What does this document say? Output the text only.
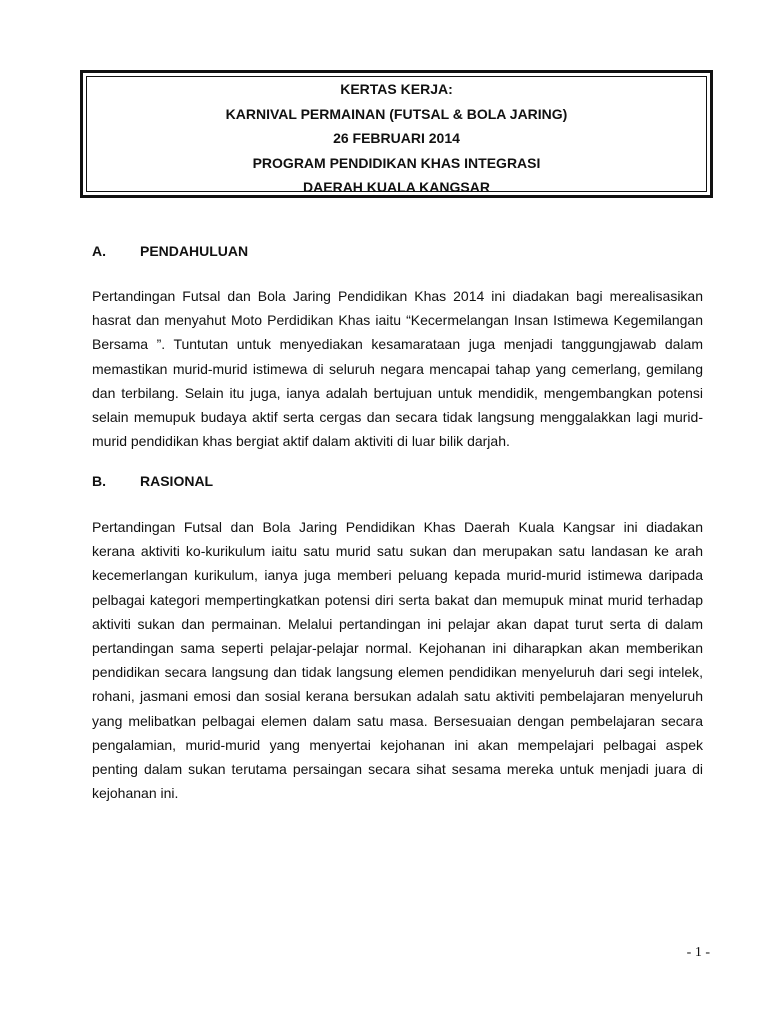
KERTAS KERJA:
KARNIVAL PERMAINAN (FUTSAL & BOLA JARING)
26 FEBRUARI 2014
PROGRAM PENDIDIKAN KHAS INTEGRASI
DAERAH KUALA KANGSAR
A. PENDAHULUAN
Pertandingan Futsal dan Bola Jaring Pendidikan Khas 2014 ini diadakan bagi merealisasikan
hasrat dan menyahut Moto Perdidikan Khas iaitu “Kecermelangan Insan Istimewa Kegemilangan
Bersama ”. Tuntutan untuk menyediakan kesamarataan juga menjadi tanggungjawab dalam
memastikan murid-murid istimewa di seluruh negara mencapai tahap yang cemerlang, gemilang
dan terbilang. Selain itu juga, ianya adalah bertujuan untuk mendidik, mengembangkan potensi
selain memupuk budaya aktif serta cergas dan secara tidak langsung menggalakkan lagi murid-
murid pendidikan khas bergiat aktif dalam aktiviti di luar bilik darjah.
B. RASIONAL
Pertandingan Futsal dan Bola Jaring Pendidikan Khas Daerah Kuala Kangsar ini diadakan
kerana aktiviti ko-kurikulum iaitu satu murid satu sukan dan merupakan satu landasan ke arah
kecemerlangan kurikulum, ianya juga memberi peluang kepada murid-murid istimewa daripada
pelbagai kategori mempertingkatkan potensi diri serta bakat dan memupuk minat murid terhadap
aktiviti sukan dan permainan. Melalui pertandingan ini pelajar akan dapat turut serta di dalam
pertandingan sama seperti pelajar-pelajar normal. Kejohanan ini diharapkan akan memberikan
pendidikan secara langsung dan tidak langsung elemen pendidikan menyeluruh dari segi intelek,
rohani, jasmani emosi dan sosial kerana bersukan adalah satu aktiviti pembelajaran menyeluruh
yang melibatkan pelbagai elemen dalam satu masa. Bersesuaian dengan pembelajaran secara
pengalamian, murid-murid yang menyertai kejohanan ini akan mempelajari pelbagai aspek
penting dalam sukan terutama persaingan secara sihat sesama mereka untuk menjadi juara di
kejohanan ini.
- 1 -
